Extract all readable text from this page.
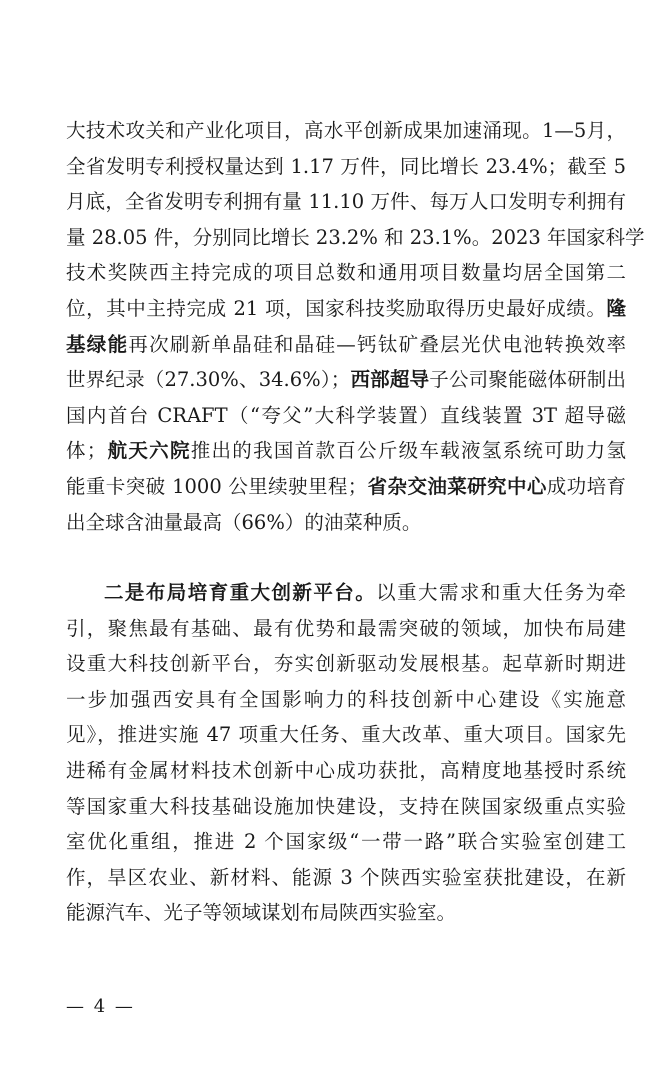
大技术攻关和产业化项目，高水平创新成果加速涌现。1—5月，
全省发明专利授权量达到 1.17 万件，同比增长 23.4%；截至 5
月底，全省发明专利拥有量 11.10 万件、每万人口发明专利拥有
量 28.05 件，分别同比增长 23.2% 和 23.1%。2023 年国家科学
技术奖陕西主持完成的项目总数和通用项目数量均居全国第二
位，其中主持完成 21 项，国家科技奖励取得历史最好成绩。隆
基绿能再次刷新单晶硅和晶硅—钙钛矿叠层光伏电池转换效率
世界纪录（27.30%、34.6%）；西部超导子公司聚能磁体研制出
国内首台 CRAFT（“夸父”大科学装置）直线装置 3T 超导磁
体；航天六院推出的我国首款百公斤级车载液氢系统可助力氢
能重卡突破 1000 公里续驶里程；省杂交油菜研究中心成功培育
出全球含油量最高（66%）的油菜种质。
二是布局培育重大创新平台。以重大需求和重大任务为牵
引，聚焦最有基础、最有优势和最需突破的领域，加快布局建
设重大科技创新平台，夯实创新驱动发展根基。起草新时期进
一步加强西安具有全国影响力的科技创新中心建设《实施意
见》，推进实施 47 项重大任务、重大改革、重大项目。国家先
进稀有金属材料技术创新中心成功获批，高精度地基授时系统
等国家重大科技基础设施加快建设，支持在陕国家级重点实验
室优化重组，推进 2 个国家级“一带一路”联合实验室创建工
作，旱区农业、新材料、能源 3 个陕西实验室获批建设，在新
能源汽车、光子等领域谋划布局陕西实验室。
— 4 —
